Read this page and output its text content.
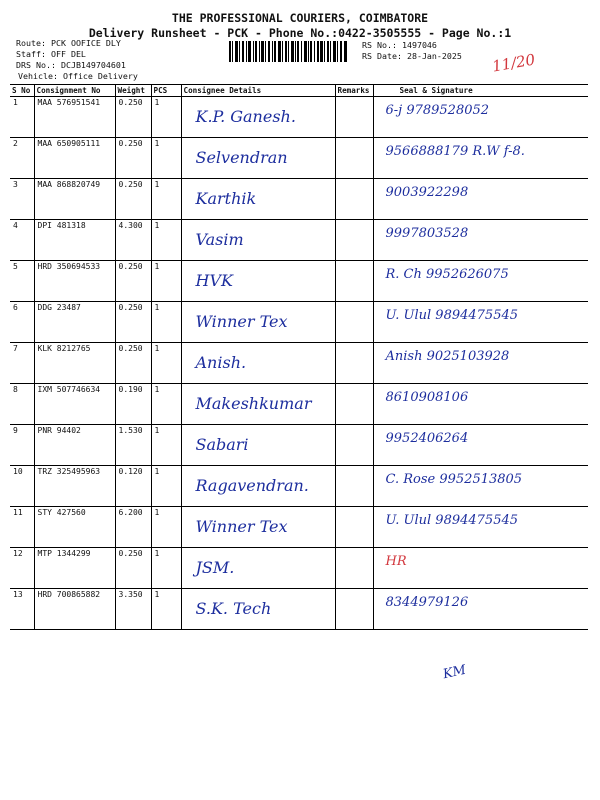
THE PROFESSIONAL COURIERS, COIMBATORE
Delivery Runsheet - PCK - Phone No.:0422-3505555 - Page No.:1
Route: PCK OOFICE DLY
Staff: OFF DEL
DRS No.: DCJB149704601
Vehicle: Office Delivery
RS No.: 1497046
RS Date: 28-Jan-2025 11/20
S No	Consignment No	Weight	PCS	Consignee Details	Remarks	Seal & Signature
1	MAA 576951541	0.250	1	K.P. Ganesh.		6-j 9789528052

2	MAA 650905111	0.250	1	Selvendran		9566888179 R.W f-8.

3	MAA 868820749	0.250	1	Karthik		9003922298

4	DPI 481318	4.300	1	Vasim		9997803528

5	HRD 350694533	0.250	1	HVK		R. Ch 9952626075

6	DDG 23487	0.250	1	Winner Tex		U. Ulul 9894475545

7	KLK 8212765	0.250	1	Anish.		Anish 9025103928

8	IXM 507746634	0.190	1	Makeshkumar		8610908106

9	PNR 94402	1.530	1	Sabari		9952406264

10	TRZ 325495963	0.120	1	Ragavendran.		C. Rose 9952513805

11	STY 427560	6.200	1	Winner Tex		U. Ulul 9894475545

12	MTP 1344299	0.250	1	JSM.		HR

13	HRD 700865882	3.350	1	S.K. Tech		8344979126
KM
